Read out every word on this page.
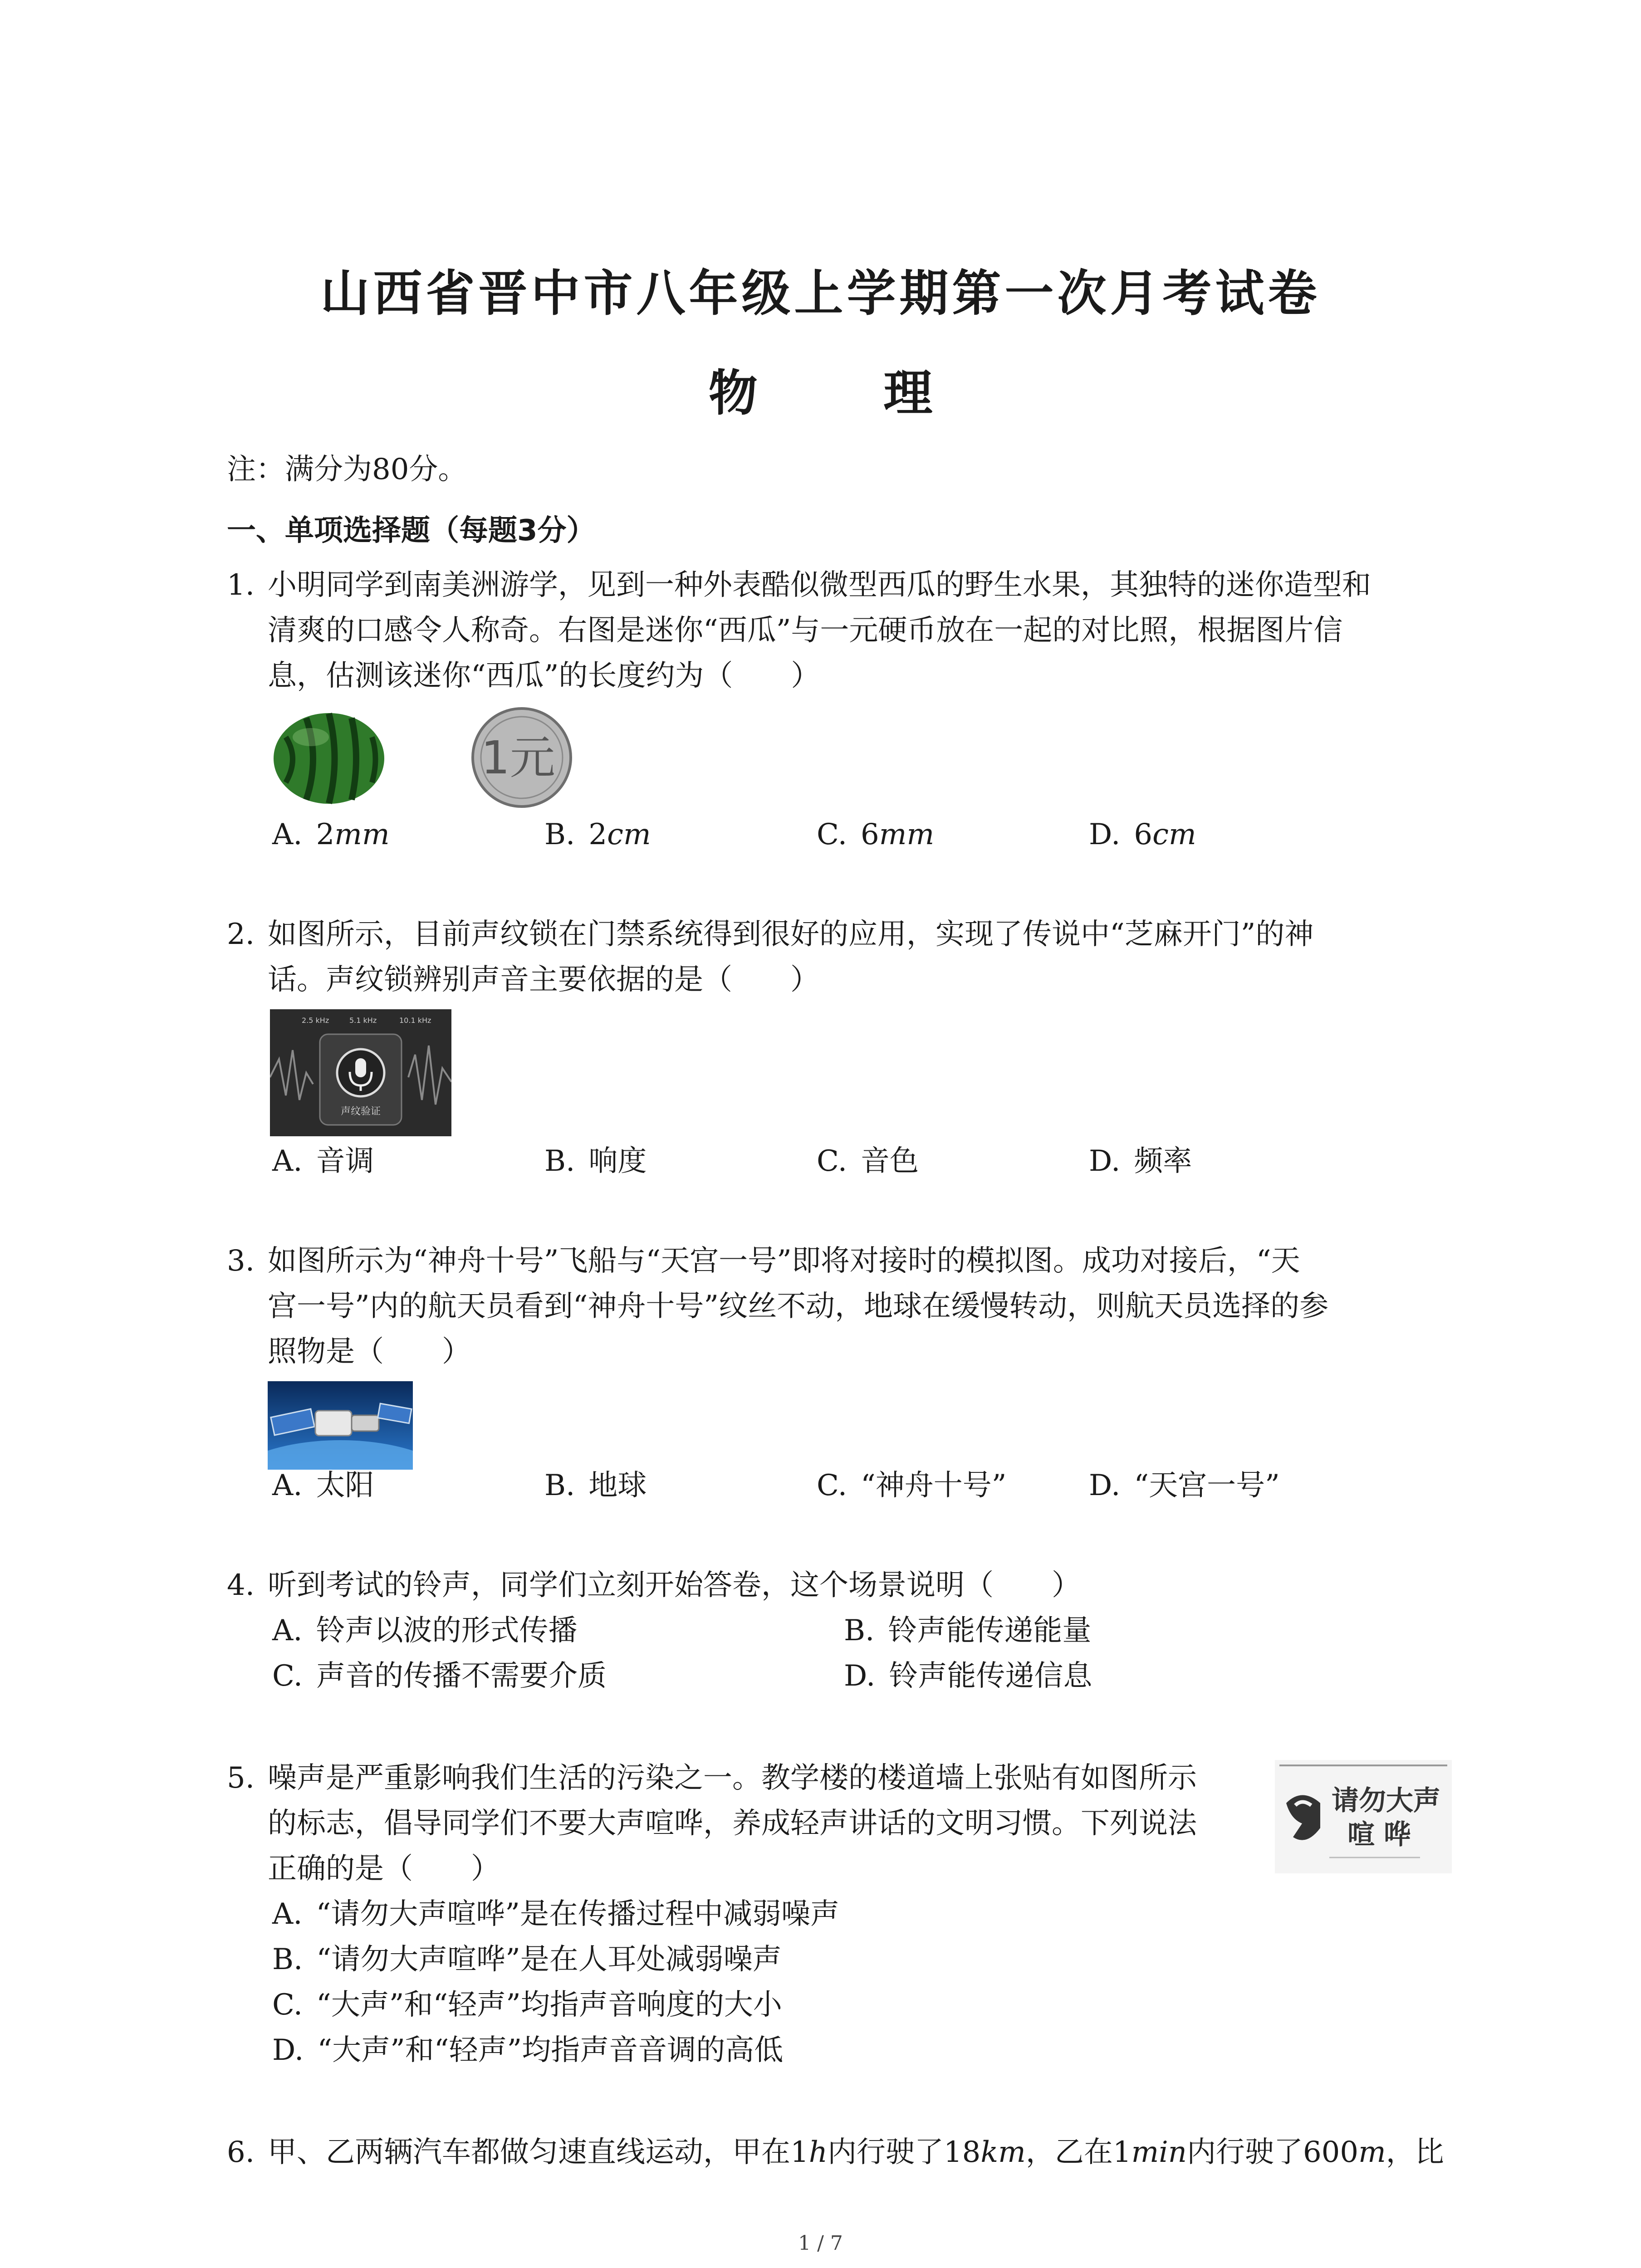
山西省晋中市八年级上学期第一次月考试卷
物 理
注：满分为80分。
一、单项选择题（每题3分）
1. 小明同学到南美洲游学，见到一种外表酷似微型西瓜的野生水果，其独特的迷你造型和
清爽的口感令人称奇。右图是迷你“西瓜”与一元硬币放在一起的对比照，根据图片信
息，估测该迷你“西瓜”的长度约为（　　）
1元
A. 2mm	B. 2cm	C. 6mm	D. 6cm
2. 如图所示，目前声纹锁在门禁系统得到很好的应用，实现了传说中“芝麻开门”的神
话。声纹锁辨别声音主要依据的是（　　）
2.5 kHz	5.1 kHz	10.1 kHz
声纹验证
A. 音调	B. 响度	C. 音色	D. 频率
3. 如图所示为“神舟十号”飞船与“天宫一号”即将对接时的模拟图。成功对接后，“天
宫一号”内的航天员看到“神舟十号”纹丝不动，地球在缓慢转动，则航天员选择的参
照物是（　　）
A. 太阳	B. 地球	C. “神舟十号”	D. “天宫一号”
4. 听到考试的铃声，同学们立刻开始答卷，这个场景说明（　　）
A. 铃声以波的形式传播	B. 铃声能传递能量
C. 声音的传播不需要介质	D. 铃声能传递信息
5. 噪声是严重影响我们生活的污染之一。教学楼的楼道墙上张贴有如图所示
的标志，倡导同学们不要大声喧哗，养成轻声讲话的文明习惯。下列说法
正确的是（　　）
请勿大声
喧哗
A. “请勿大声喧哗”是在传播过程中减弱噪声
B. “请勿大声喧哗”是在人耳处减弱噪声
C. “大声”和“轻声”均指声音响度的大小
D. “大声”和“轻声”均指声音音调的高低
6. 甲、乙两辆汽车都做匀速直线运动，甲在1h内行驶了18km，乙在1min内行驶了600m，比
1 / 7
